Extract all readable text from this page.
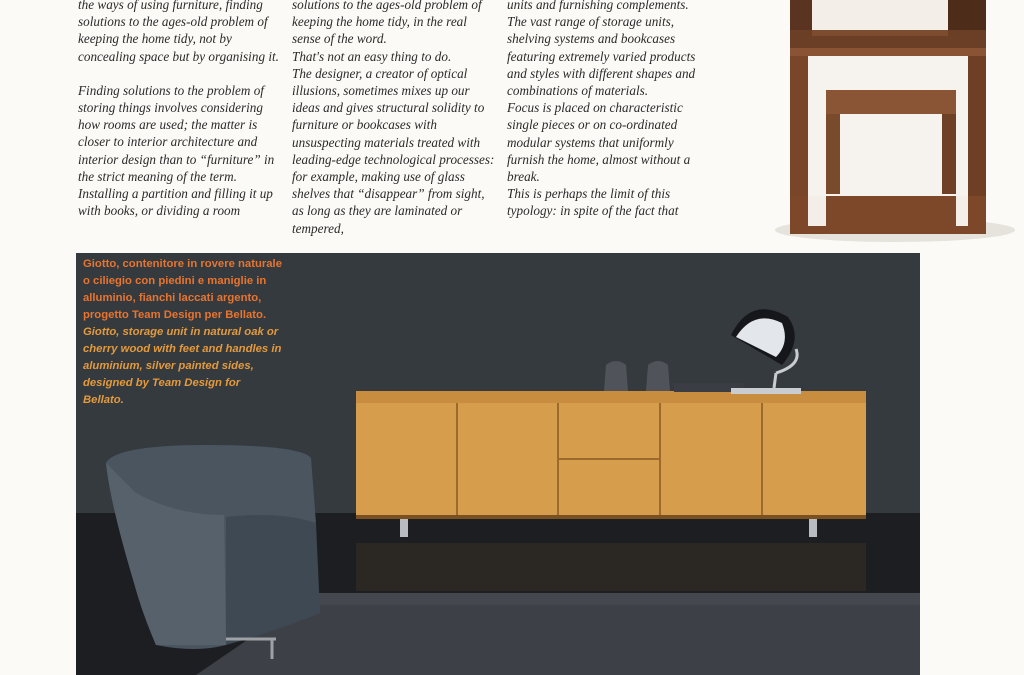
the ways of using furniture, finding solutions to the ages-old problem of keeping the home tidy, not by concealing space but by organising it.

Finding solutions to the problem of storing things involves considering how rooms are used; the matter is closer to interior architecture and interior design than to “furniture” in the strict meaning of the term. Installing a partition and filling it up with books, or dividing a room

solutions to the ages-old problem of keeping the home tidy, in the real sense of the word.

That's not an easy thing to do.

The designer, a creator of optical illusions, sometimes mixes up our ideas and gives structural solidity to furniture or bookcases with unsuspecting materials treated with leading-edge technological processes: for example, making use of glass shelves that “disappear” from sight, as long as they are laminated or tempered,

units and furnishing complements.

The vast range of storage units, shelving systems and bookcases featuring extremely varied products and styles with different shapes and combinations of materials.

Focus is placed on characteristic single pieces or on co-ordinated modular systems that uniformly furnish the home, almost without a break.

This is perhaps the limit of this typology: in spite of the fact that

Giotto, contenitore in rovere naturale o ciliegio con piedini e maniglie in alluminio, fianchi laccati argento, progetto Team Design per Bellato.
Giotto, storage unit in natural oak or cherry wood with feet and handles in aluminium, silver painted sides, designed by Team Design for Bellato.
